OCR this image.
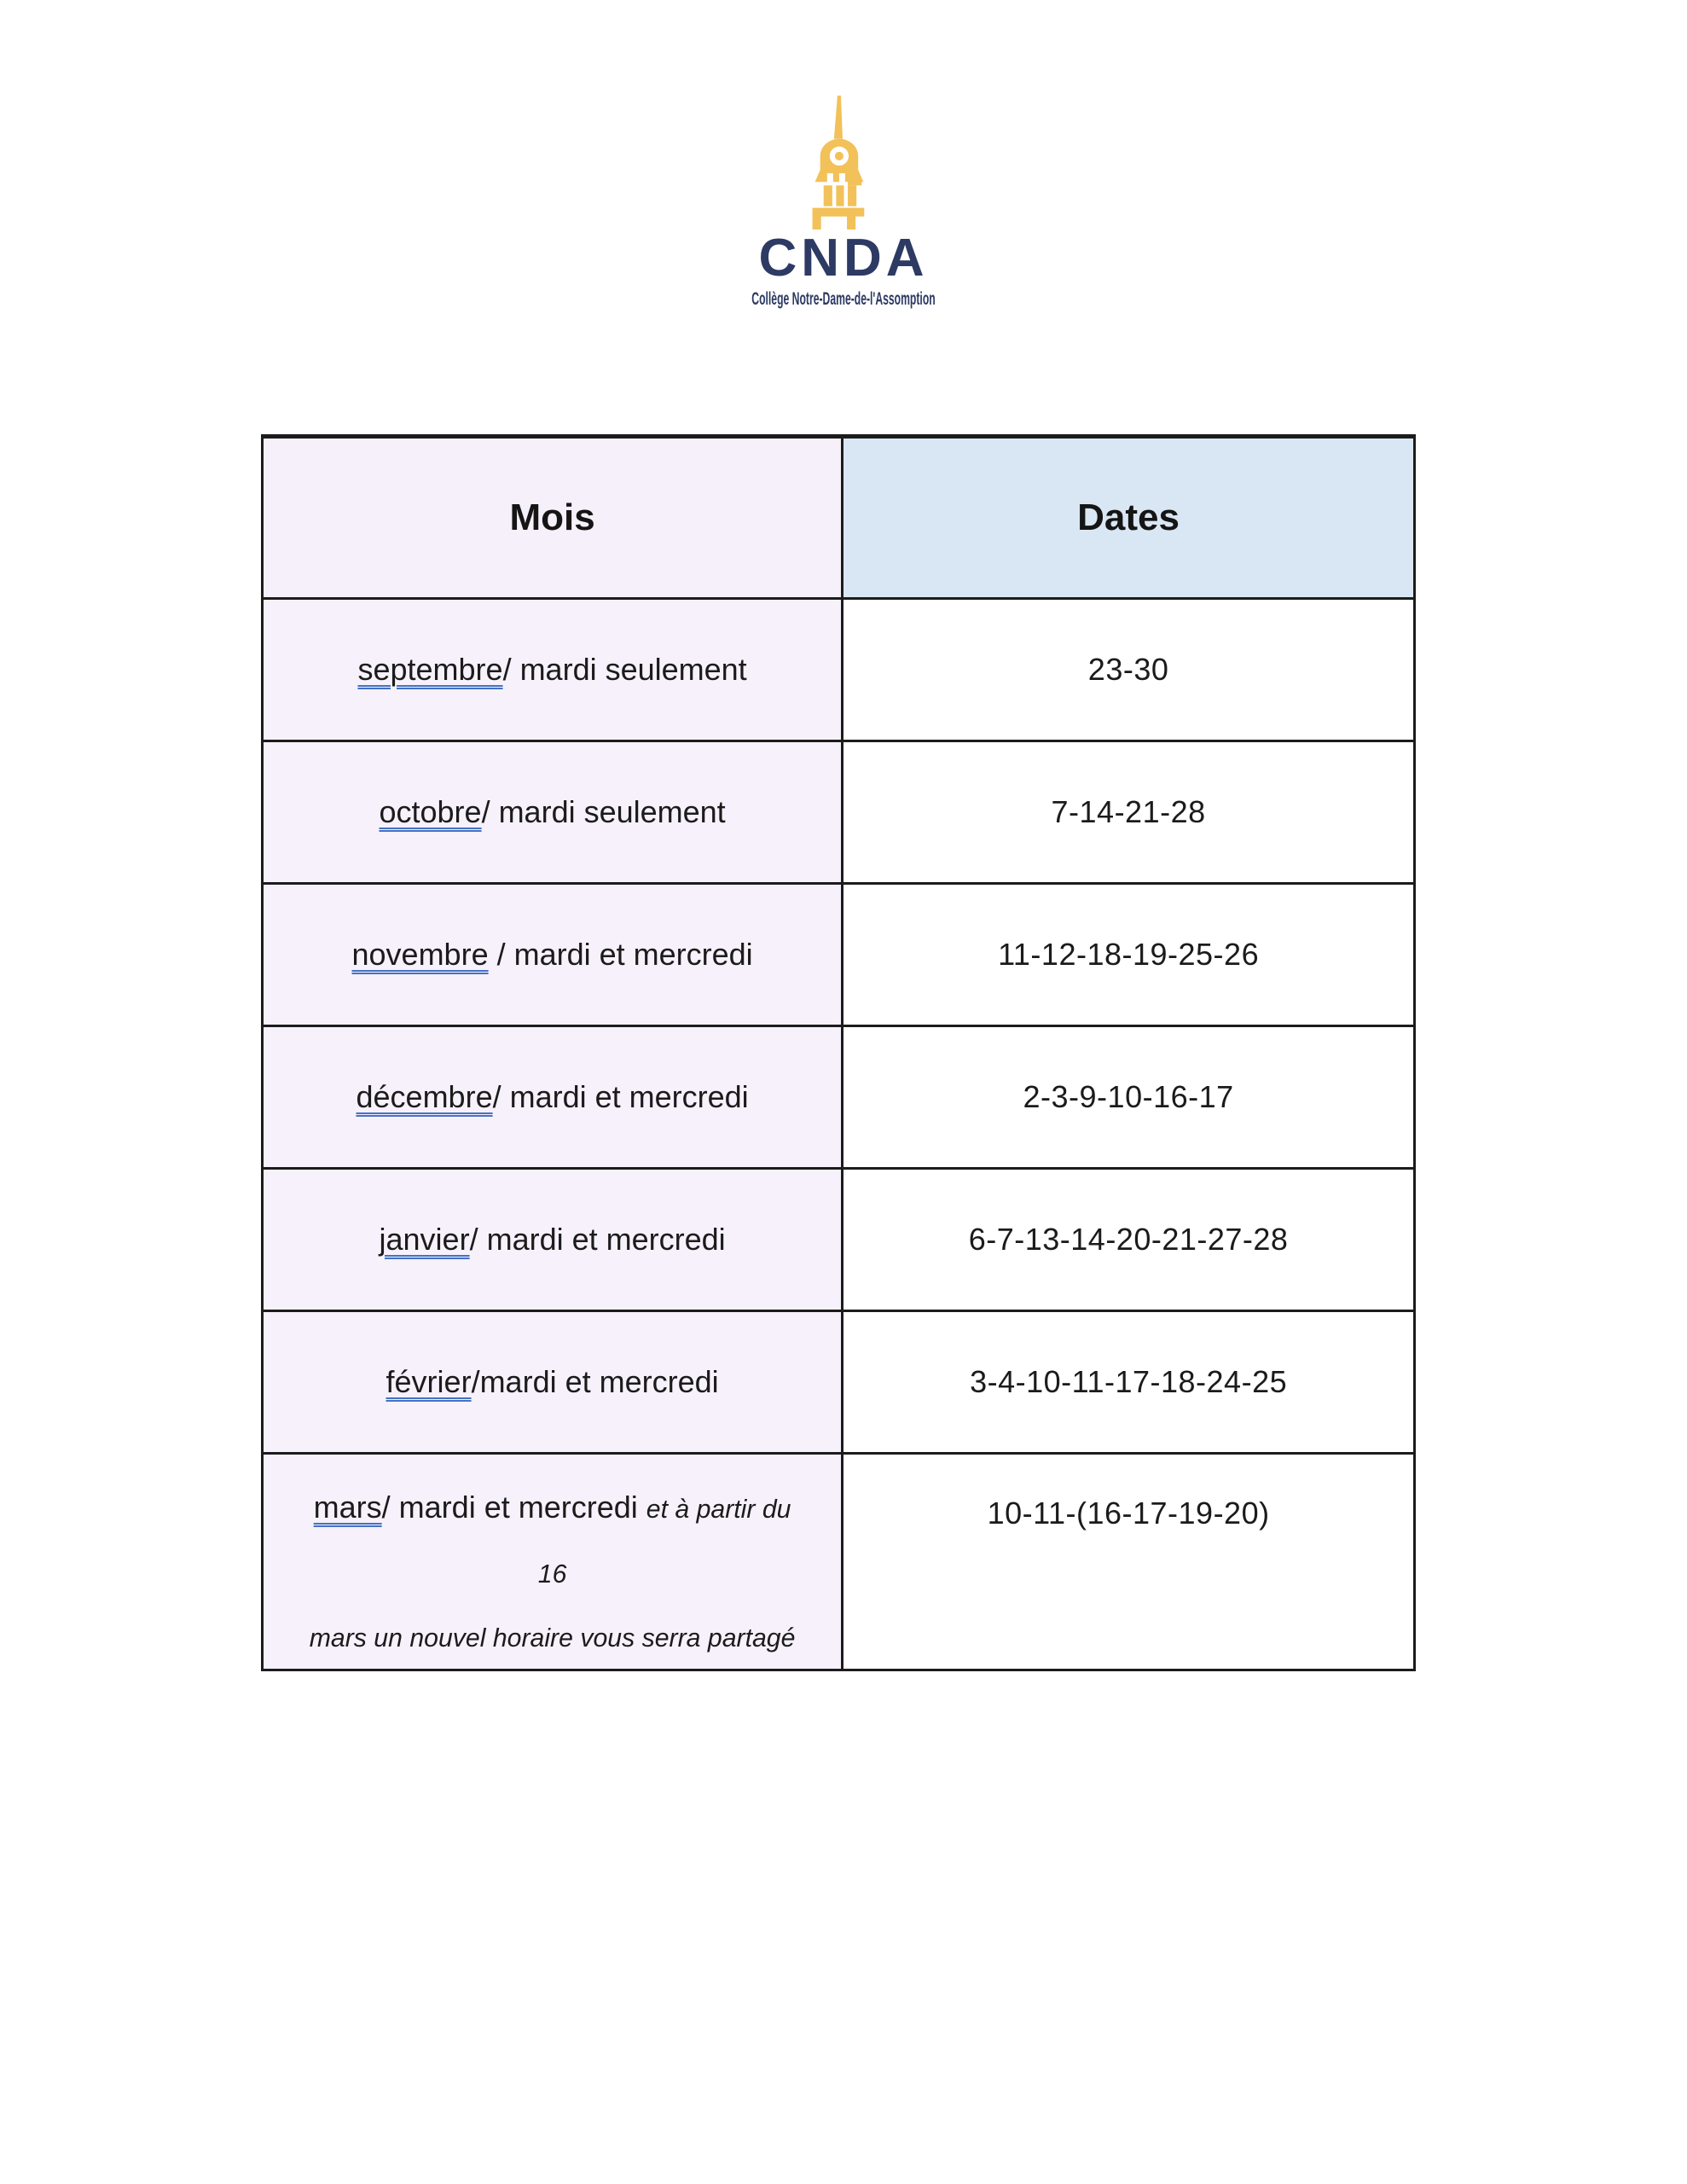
CNDA
Collège Notre-Dame-de-l'Assomption
Mois	Dates
septembre/ mardi seulement	23-30
octobre/ mardi seulement	7-14-21-28
novembre / mardi et mercredi	11-12-18-19-25-26
décembre/ mardi et mercredi	2-3-9-10-16-17
janvier/ mardi et mercredi	6-7-13-14-20-21-27-28
février/mardi et mercredi	3-4-10-11-17-18-24-25
mars/ mardi et mercredi et à partir du 16
mars un nouvel horaire vous serra partagé	10-11-(16-17-19-20)
